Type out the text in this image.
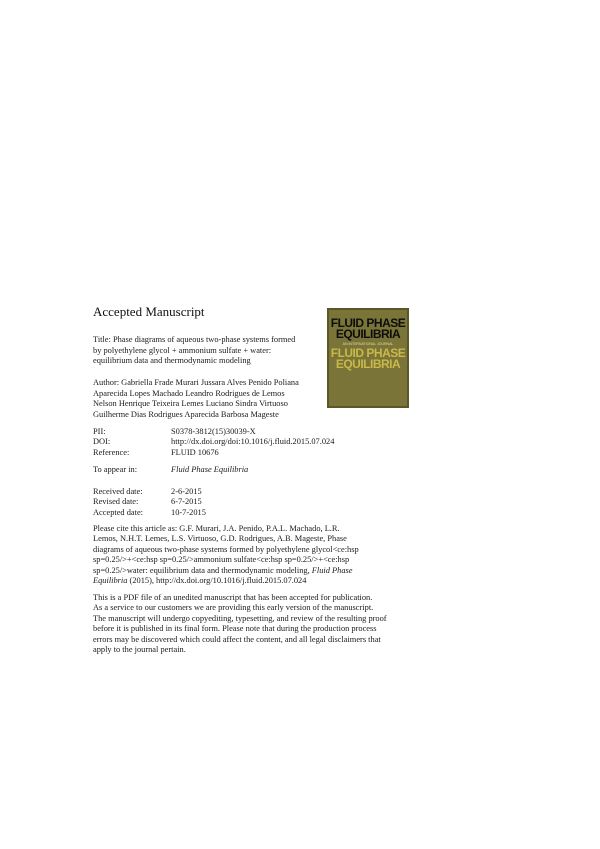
Accepted Manuscript
FLUID PHASE
EQUILIBRIA
AN INTERNATIONAL JOURNAL
FLUID PHASE
EQUILIBRIA
Title: Phase diagrams of aqueous two-phase systems formed
by polyethylene glycol + ammonium sulfate + water:
equilibrium data and thermodynamic modeling
Author: Gabriella Frade Murari Jussara Alves Penido Poliana
Aparecida Lopes Machado Leandro Rodrigues de Lemos
Nelson Henrique Teixeira Lemes Luciano Sindra Virtuoso
Guilherme Dias Rodrigues Aparecida Barbosa Mageste
PII:	S0378-3812(15)30039-X
DOI:	http://dx.doi.org/doi:10.1016/j.fluid.2015.07.024
Reference:	FLUID 10676
To appear in:	Fluid Phase Equilibria
Received date:	2-6-2015
Revised date:	6-7-2015
Accepted date:	10-7-2015
Please cite this article as: G.F. Murari, J.A. Penido, P.A.L. Machado, L.R.
Lemos, N.H.T. Lemes, L.S. Virtuoso, G.D. Rodrigues, A.B. Mageste, Phase
diagrams of aqueous two-phase systems formed by polyethylene glycol<ce:hsp
sp=0.25/>+<ce:hsp sp=0.25/>ammonium sulfate<ce:hsp sp=0.25/>+<ce:hsp
sp=0.25/>water: equilibrium data and thermodynamic modeling, Fluid Phase
Equilibria (2015), http://dx.doi.org/10.1016/j.fluid.2015.07.024
This is a PDF file of an unedited manuscript that has been accepted for publication.
As a service to our customers we are providing this early version of the manuscript.
The manuscript will undergo copyediting, typesetting, and review of the resulting proof
before it is published in its final form. Please note that during the production process
errors may be discovered which could affect the content, and all legal disclaimers that
apply to the journal pertain.
